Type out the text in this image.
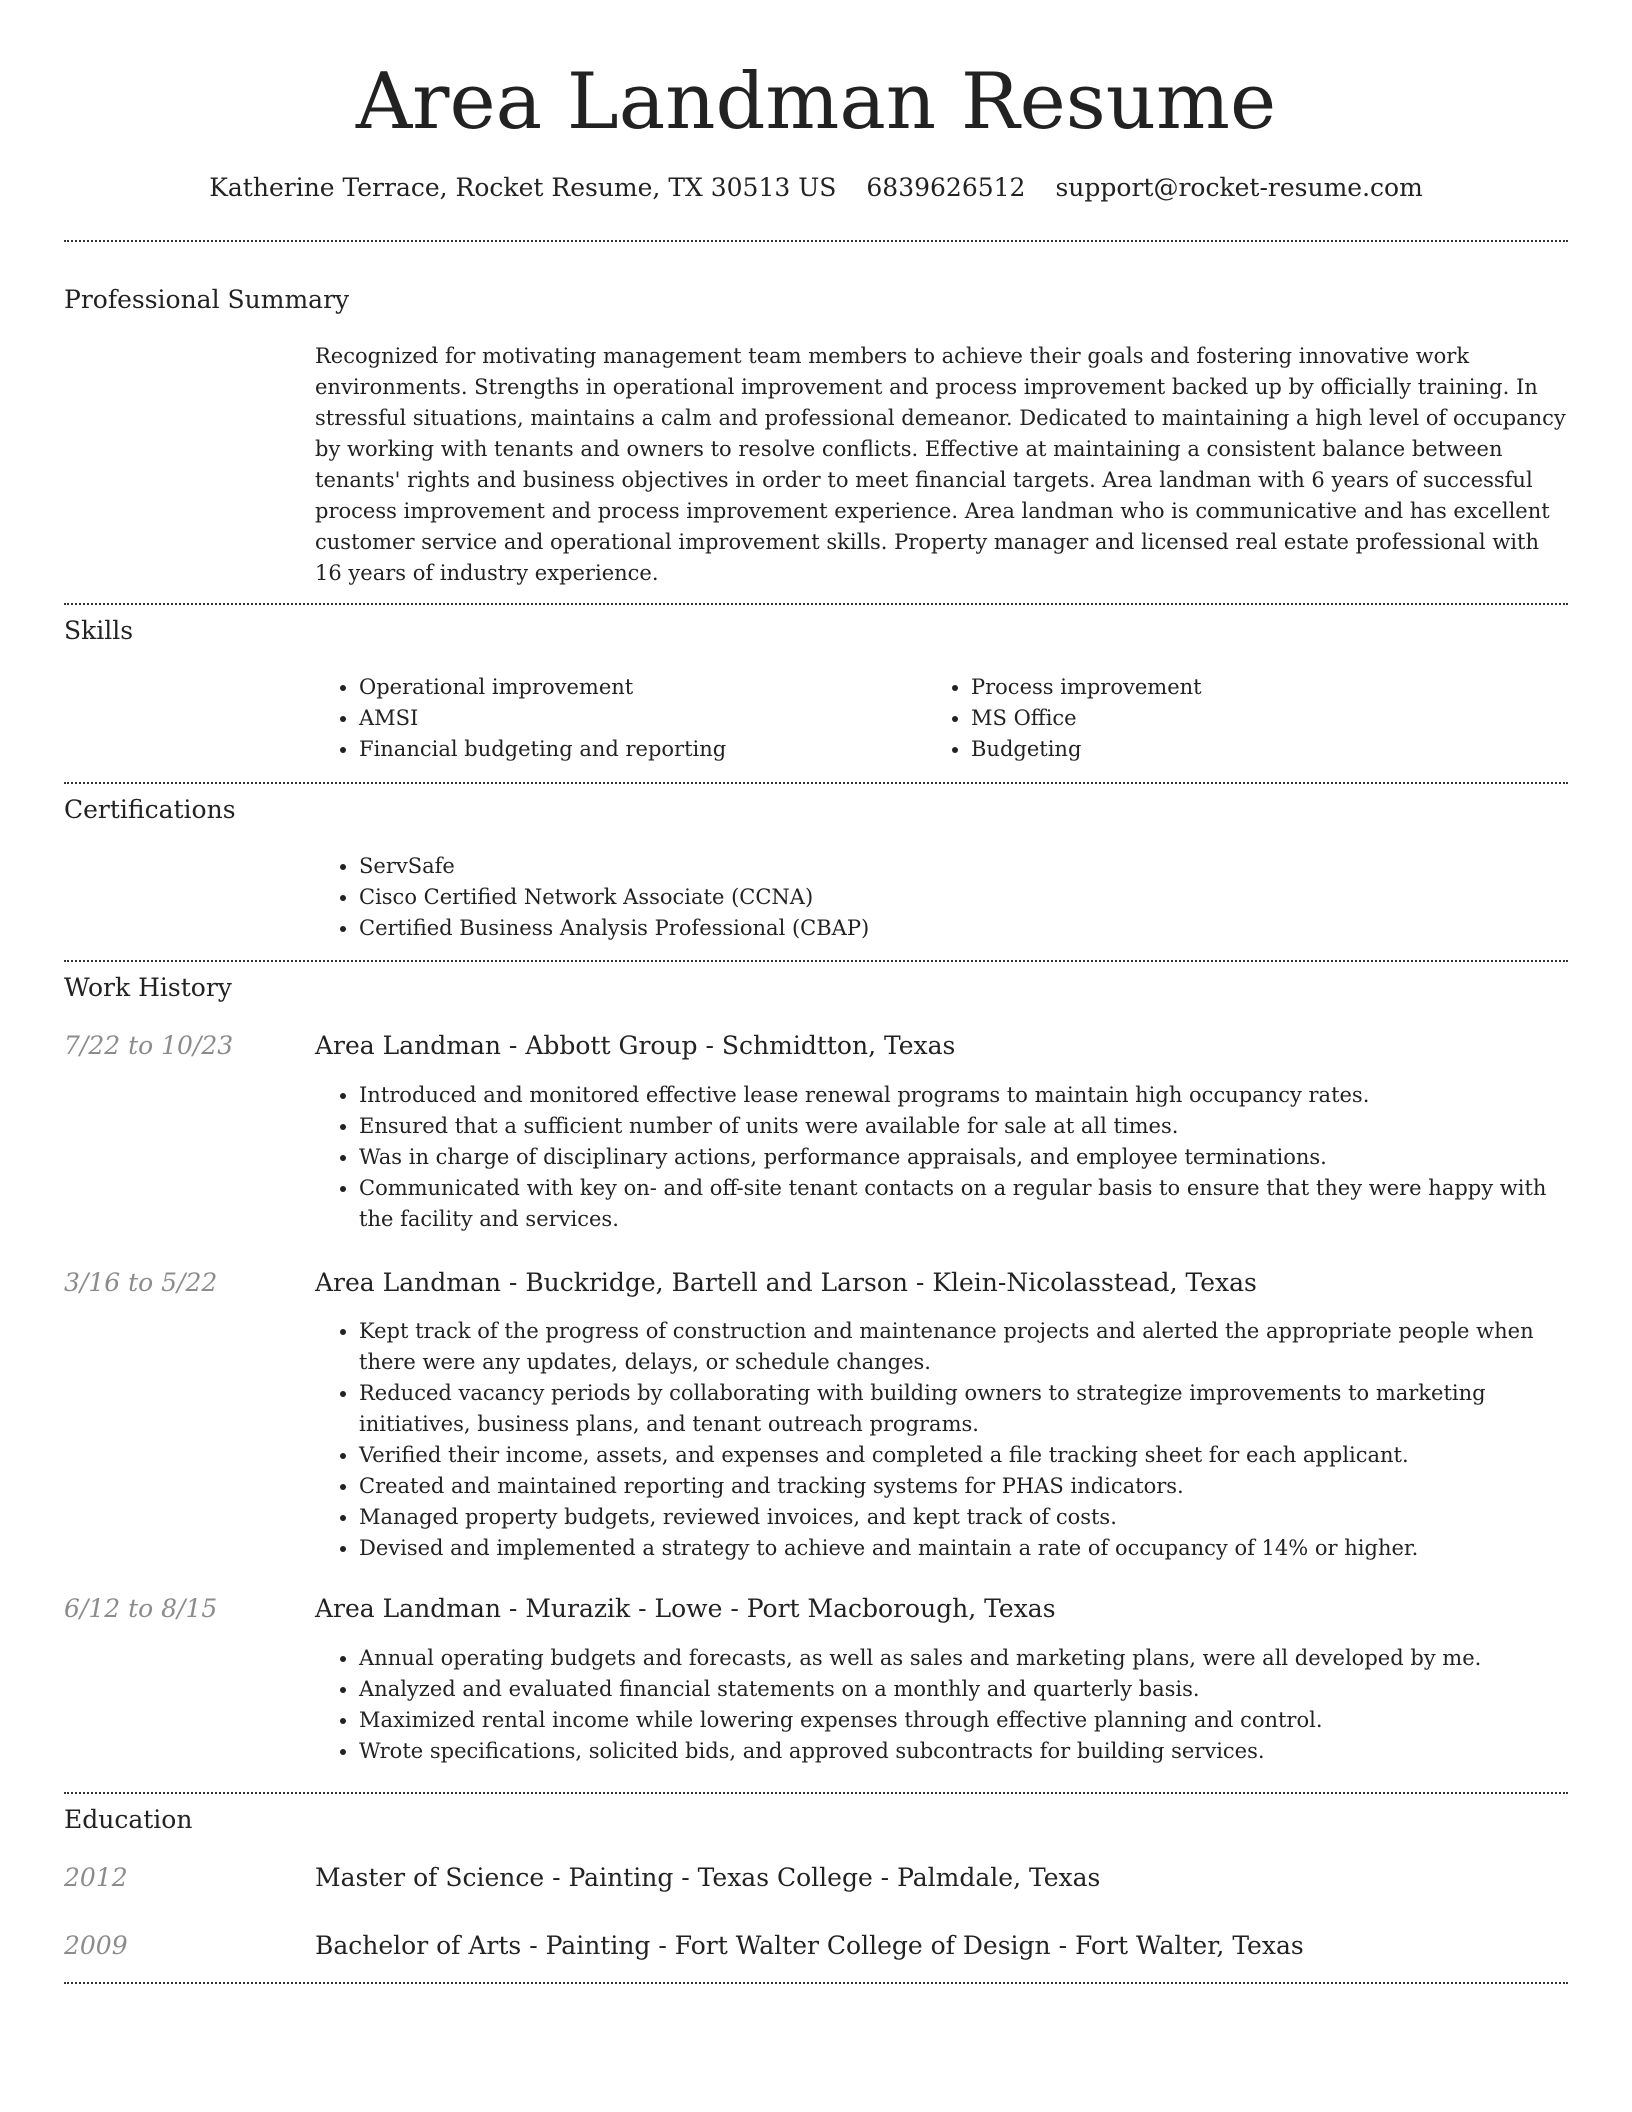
Area Landman Resume
Katherine Terrace, Rocket Resume, TX 30513 US 6839626512 support@rocket-resume.com
Professional Summary

Recognized for motivating management team members to achieve their goals and fostering innovative work environments. Strengths in operational improvement and process improvement backed up by officially training. In stressful situations, maintains a calm and professional demeanor. Dedicated to maintaining a high level of occupancy by working with tenants and owners to resolve conflicts. Effective at maintaining a consistent balance between tenants' rights and business objectives in order to meet financial targets. Area landman with 6 years of successful process improvement and process improvement experience. Area landman who is communicative and has excellent customer service and operational improvement skills. Property manager and licensed real estate professional with 16 years of industry experience.

Skills
• Operational improvement
• AMSI
• Financial budgeting and reporting
• Process improvement
• MS Office
• Budgeting
Certifications
• ServSafe
• Cisco Certified Network Associate (CCNA)
• Certified Business Analysis Professional (CBAP)
Work History
7/22 to 10/23	Area Landman - Abbott Group - Schmidtton, Texas
• Introduced and monitored effective lease renewal programs to maintain high occupancy rates.
• Ensured that a sufficient number of units were available for sale at all times.
• Was in charge of disciplinary actions, performance appraisals, and employee terminations.
• Communicated with key on- and off-site tenant contacts on a regular basis to ensure that they were happy with the facility and services.
3/16 to 5/22	Area Landman - Buckridge, Bartell and Larson - Klein-Nicolasstead, Texas
• Kept track of the progress of construction and maintenance projects and alerted the appropriate people when there were any updates, delays, or schedule changes.
• Reduced vacancy periods by collaborating with building owners to strategize improvements to marketing initiatives, business plans, and tenant outreach programs.
• Verified their income, assets, and expenses and completed a file tracking sheet for each applicant.
• Created and maintained reporting and tracking systems for PHAS indicators.
• Managed property budgets, reviewed invoices, and kept track of costs.
• Devised and implemented a strategy to achieve and maintain a rate of occupancy of 14% or higher.
6/12 to 8/15	Area Landman - Murazik - Lowe - Port Macborough, Texas
• Annual operating budgets and forecasts, as well as sales and marketing plans, were all developed by me.
• Analyzed and evaluated financial statements on a monthly and quarterly basis.
• Maximized rental income while lowering expenses through effective planning and control.
• Wrote specifications, solicited bids, and approved subcontracts for building services.
Education
2012	Master of Science - Painting - Texas College - Palmdale, Texas
2009	Bachelor of Arts - Painting - Fort Walter College of Design - Fort Walter, Texas
